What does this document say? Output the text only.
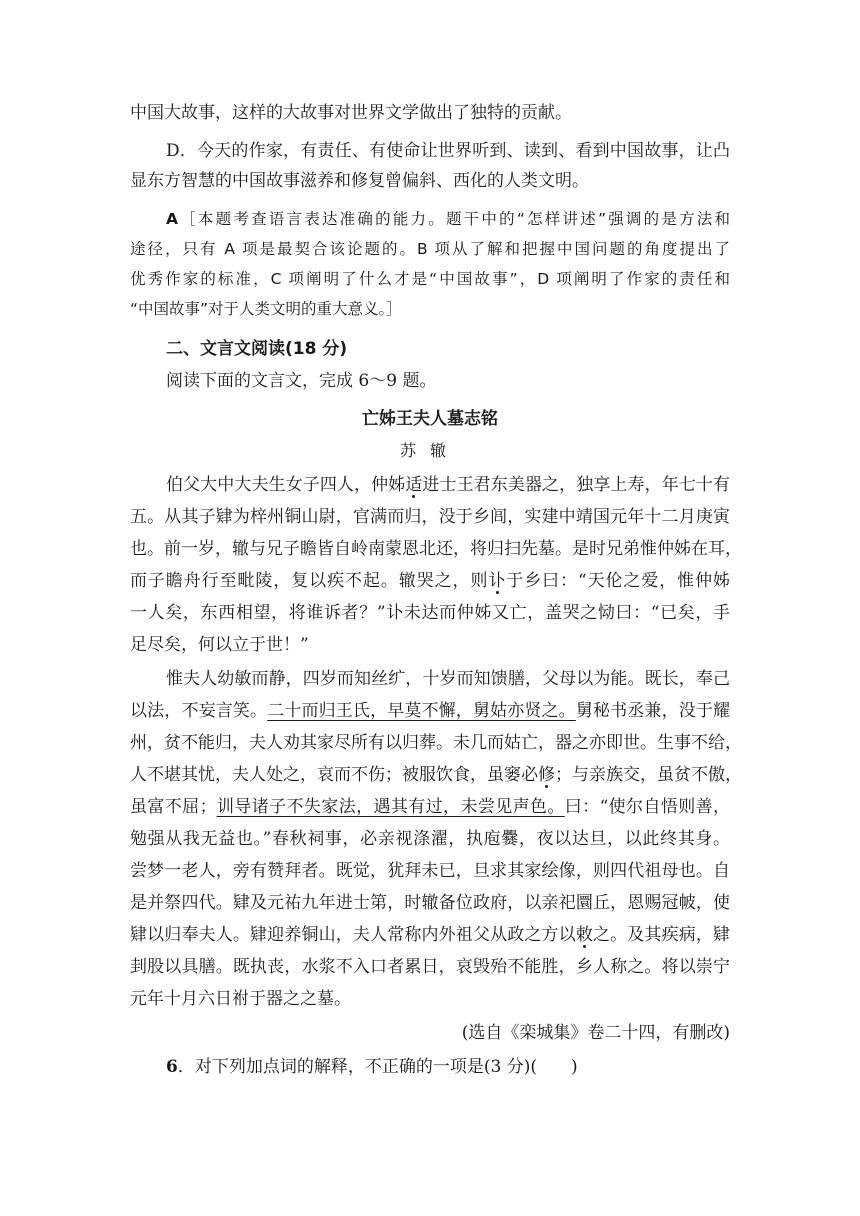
中国大故事，这样的大故事对世界文学做出了独特的贡献。
D．今天的作家，有责任、有使命让世界听到、读到、看到中国故事，让凸
显东方智慧的中国故事滋养和修复曾偏斜、西化的人类文明。
A［本题考查语言表达准确的能力。题干中的“怎样讲述”强调的是方法和
途径，只有 A 项是最契合该论题的。B 项从了解和把握中国问题的角度提出了
优秀作家的标准，C 项阐明了什么才是“中国故事”，D 项阐明了作家的责任和
“中国故事”对于人类文明的重大意义。］
二、文言文阅读(18 分)
阅读下面的文言文，完成 6～9 题。
亡姊王夫人墓志铭
苏辙
伯父大中大夫生女子四人，仲姊适进士王君东美器之，独享上寿，年七十有
五。从其子肄为梓州铜山尉，官满而归，没于乡闾，实建中靖国元年十二月庚寅
也。前一岁，辙与兄子瞻皆自岭南蒙恩北还，将归扫先墓。是时兄弟惟仲姊在耳，
而子瞻舟行至毗陵，复以疾不起。辙哭之，则讣于乡曰：“天伦之爱，惟仲姊
一人矣，东西相望，将谁诉者？”讣未达而仲姊又亡，盖哭之恸曰：“已矣，手
足尽矣，何以立于世！”
惟夫人幼敏而静，四岁而知丝纩，十岁而知馈膳，父母以为能。既长，奉己
以法，不妄言笑。二十而归王氏，早莫不懈，舅姑亦贤之。舅秘书丞兼，没于耀
州，贫不能归，夫人劝其家尽所有以归葬。未几而姑亡，器之亦即世。生事不给，
人不堪其忧，夫人处之，哀而不伤；被服饮食，虽窭必修；与亲族交，虽贫不傲，
虽富不屈；训导诸子不失家法，遇其有过，未尝见声色。曰：“使尔自悟则善，
勉强从我无益也。”春秋祠事，必亲视涤濯，执庖爨，夜以达旦，以此终其身。
尝梦一老人，旁有赞拜者。既觉，犹拜未已，旦求其家绘像，则四代祖母也。自
是并祭四代。肄及元祐九年进士第，时辙备位政府，以亲祀圜丘，恩赐冠帔，使
肄以归奉夫人。肄迎养铜山，夫人常称内外祖父从政之方以敕之。及其疾病，肄
刲股以具膳。既执丧，水浆不入口者累日，哀毁殆不能胜，乡人称之。将以崇宁
元年十月六日祔于器之之墓。
(选自《栾城集》卷二十四，有删改)
6．对下列加点词的解释，不正确的一项是(3 分)(　　)
